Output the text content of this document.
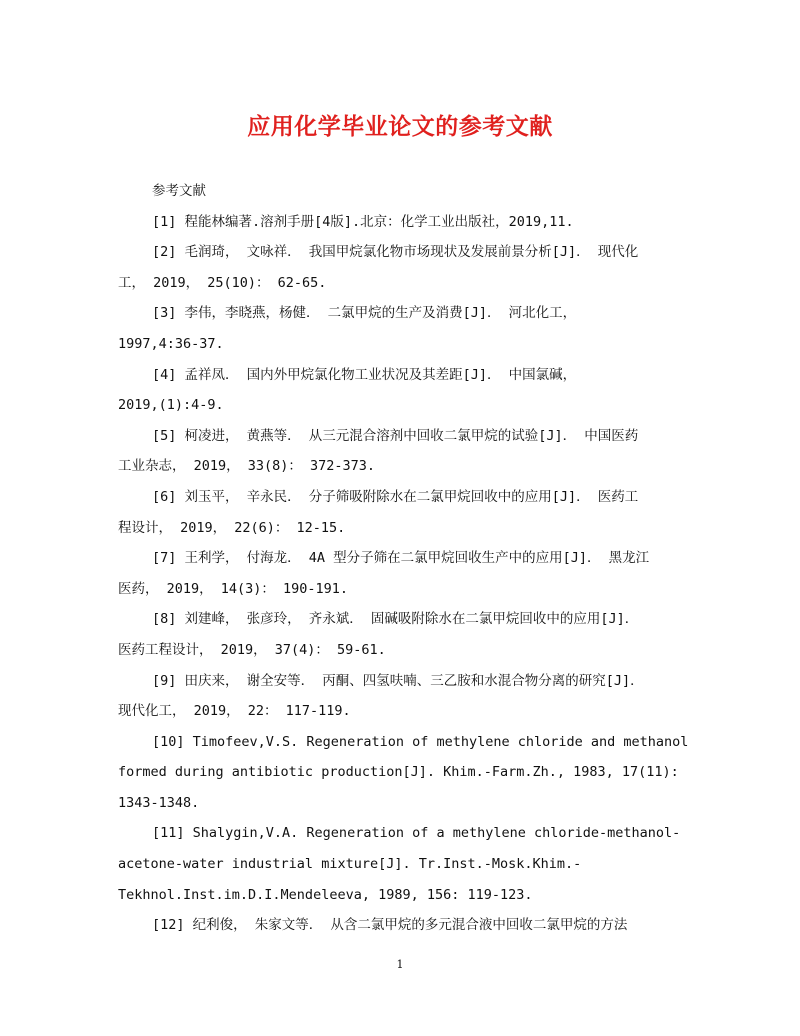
应用化学毕业论文的参考文献

参考文献

[1] 程能林编著.溶剂手册[4版].北京：化学工业出版社，2019,11.

[2] 毛润琦， 文咏祥． 我国甲烷氯化物市场现状及发展前景分析[J]． 现代化
工， 2019， 25(10)： 62-65.

[3] 李伟，李晓燕，杨健． 二氯甲烷的生产及消费[J]． 河北化工，
1997,4:36-37.

[4] 孟祥凤． 国内外甲烷氯化物工业状况及其差距[J]． 中国氯碱，
2019,(1):4-9.

[5] 柯凌进， 黄燕等． 从三元混合溶剂中回收二氯甲烷的试验[J]． 中国医药
工业杂志， 2019， 33(8)： 372-373.

[6] 刘玉平， 辛永民． 分子筛吸附除水在二氯甲烷回收中的应用[J]． 医药工
程设计， 2019， 22(6)： 12-15.

[7] 王利学， 付海龙． 4A 型分子筛在二氯甲烷回收生产中的应用[J]． 黑龙江
医药， 2019， 14(3)： 190-191.

[8] 刘建峰， 张彦玲， 齐永斌． 固碱吸附除水在二氯甲烷回收中的应用[J]．
医药工程设计， 2019， 37(4)： 59-61.

[9] 田庆来， 谢全安等． 丙酮、四氢呋喃、三乙胺和水混合物分离的研究[J]．
现代化工， 2019， 22： 117-119.

[10] Timofeev,V.S. Regeneration of methylene chloride and methanol
formed during antibiotic production[J]. Khim.-Farm.Zh., 1983, 17(11):
1343-1348.

[11] Shalygin,V.A. Regeneration of a methylene chloride-methanol-
acetone-water industrial mixture[J]. Tr.Inst.-Mosk.Khim.-
Tekhnol.Inst.im.D.I.Mendeleeva, 1989, 156: 119-123.

[12] 纪利俊， 朱家文等． 从含二氯甲烷的多元混合液中回收二氯甲烷的方法

1
